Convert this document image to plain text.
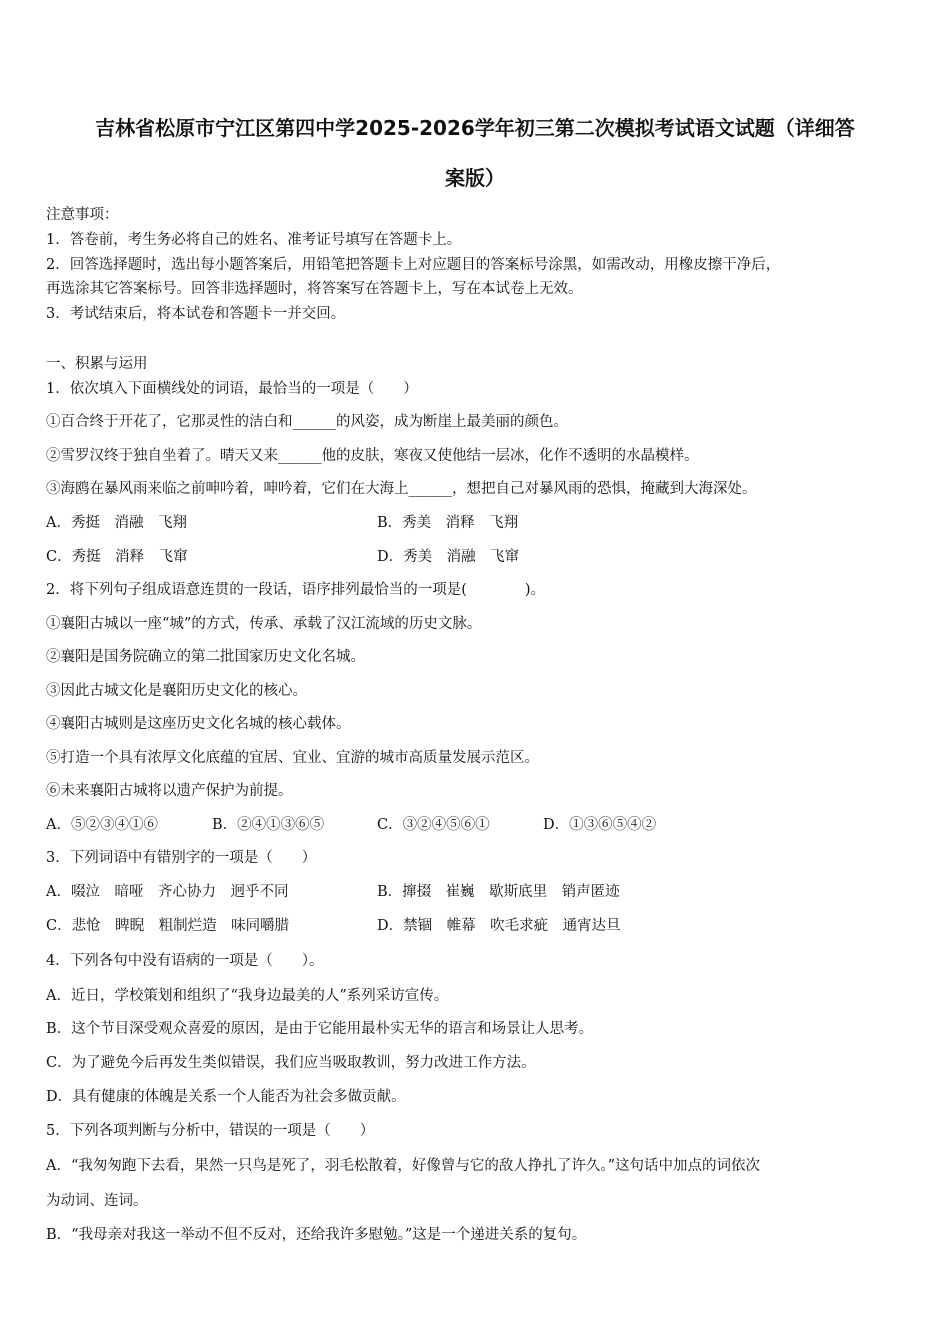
吉林省松原市宁江区第四中学2025-2026学年初三第二次模拟考试语文试题（详细答
案版）
注意事项：
1．答卷前，考生务必将自己的姓名、准考证号填写在答题卡上。
2．回答选择题时，选出每小题答案后，用铅笔把答题卡上对应题目的答案标号涂黑，如需改动，用橡皮擦干净后，
再选涂其它答案标号。回答非选择题时，将答案写在答题卡上，写在本试卷上无效。
3．考试结束后，将本试卷和答题卡一并交回。
一、积累与运用
1．依次填入下面横线处的词语，最恰当的一项是（　　）
①百合终于开花了，它那灵性的洁白和______的风姿，成为断崖上最美丽的颜色。
②雪罗汉终于独自坐着了。晴天又来______他的皮肤，寒夜又使他结一层冰，化作不透明的水晶模样。
③海鸥在暴风雨来临之前呻吟着，呻吟着，它们在大海上______，想把自己对暴风雨的恐惧，掩藏到大海深处。
A．秀挺　消融　飞翔	B．秀美　消释　飞翔
C．秀挺　消释　飞窜	D．秀美　消融　飞窜
2．将下列句子组成语意连贯的一段话，语序排列最恰当的一项是(　　　　)。
①襄阳古城以一座“城”的方式，传承、承载了汉江流域的历史文脉。
②襄阳是国务院确立的第二批国家历史文化名城。
③因此古城文化是襄阳历史文化的核心。
④襄阳古城则是这座历史文化名城的核心载体。
⑤打造一个具有浓厚文化底蕴的宜居、宜业、宜游的城市高质量发展示范区。
⑥未来襄阳古城将以遗产保护为前提。
A．⑤②③④①⑥	B．②④①③⑥⑤	C．③②④⑤⑥①	D．①③⑥⑤④②
3．下列词语中有错别字的一项是（　　）
A．啜泣　暗哑　齐心协力　迥乎不同	B．撺掇　崔巍　歇斯底里　销声匿迹
C．悲怆　睥睨　粗制烂造　味同嚼腊	D．禁锢　帷幕　吹毛求疵　通宵达旦
4．下列各句中没有语病的一项是（　　）。
A．近日，学校策划和组织了“我身边最美的人”系列采访宣传。
B．这个节目深受观众喜爱的原因，是由于它能用最朴实无华的语言和场景让人思考。
C．为了避免今后再发生类似错误，我们应当吸取教训，努力改进工作方法。
D．具有健康的体魄是关系一个人能否为社会多做贡献。
5．下列各项判断与分析中，错误的一项是（　　）
A．“我匆匆跑下去看，果然一只鸟是死了，羽毛松散着，好像曾与它的敌人挣扎了许久。”这句话中加点的词依次
为动词、连词。
B．“我母亲对我这一举动不但不反对，还给我许多慰勉。”这是一个递进关系的复句。
